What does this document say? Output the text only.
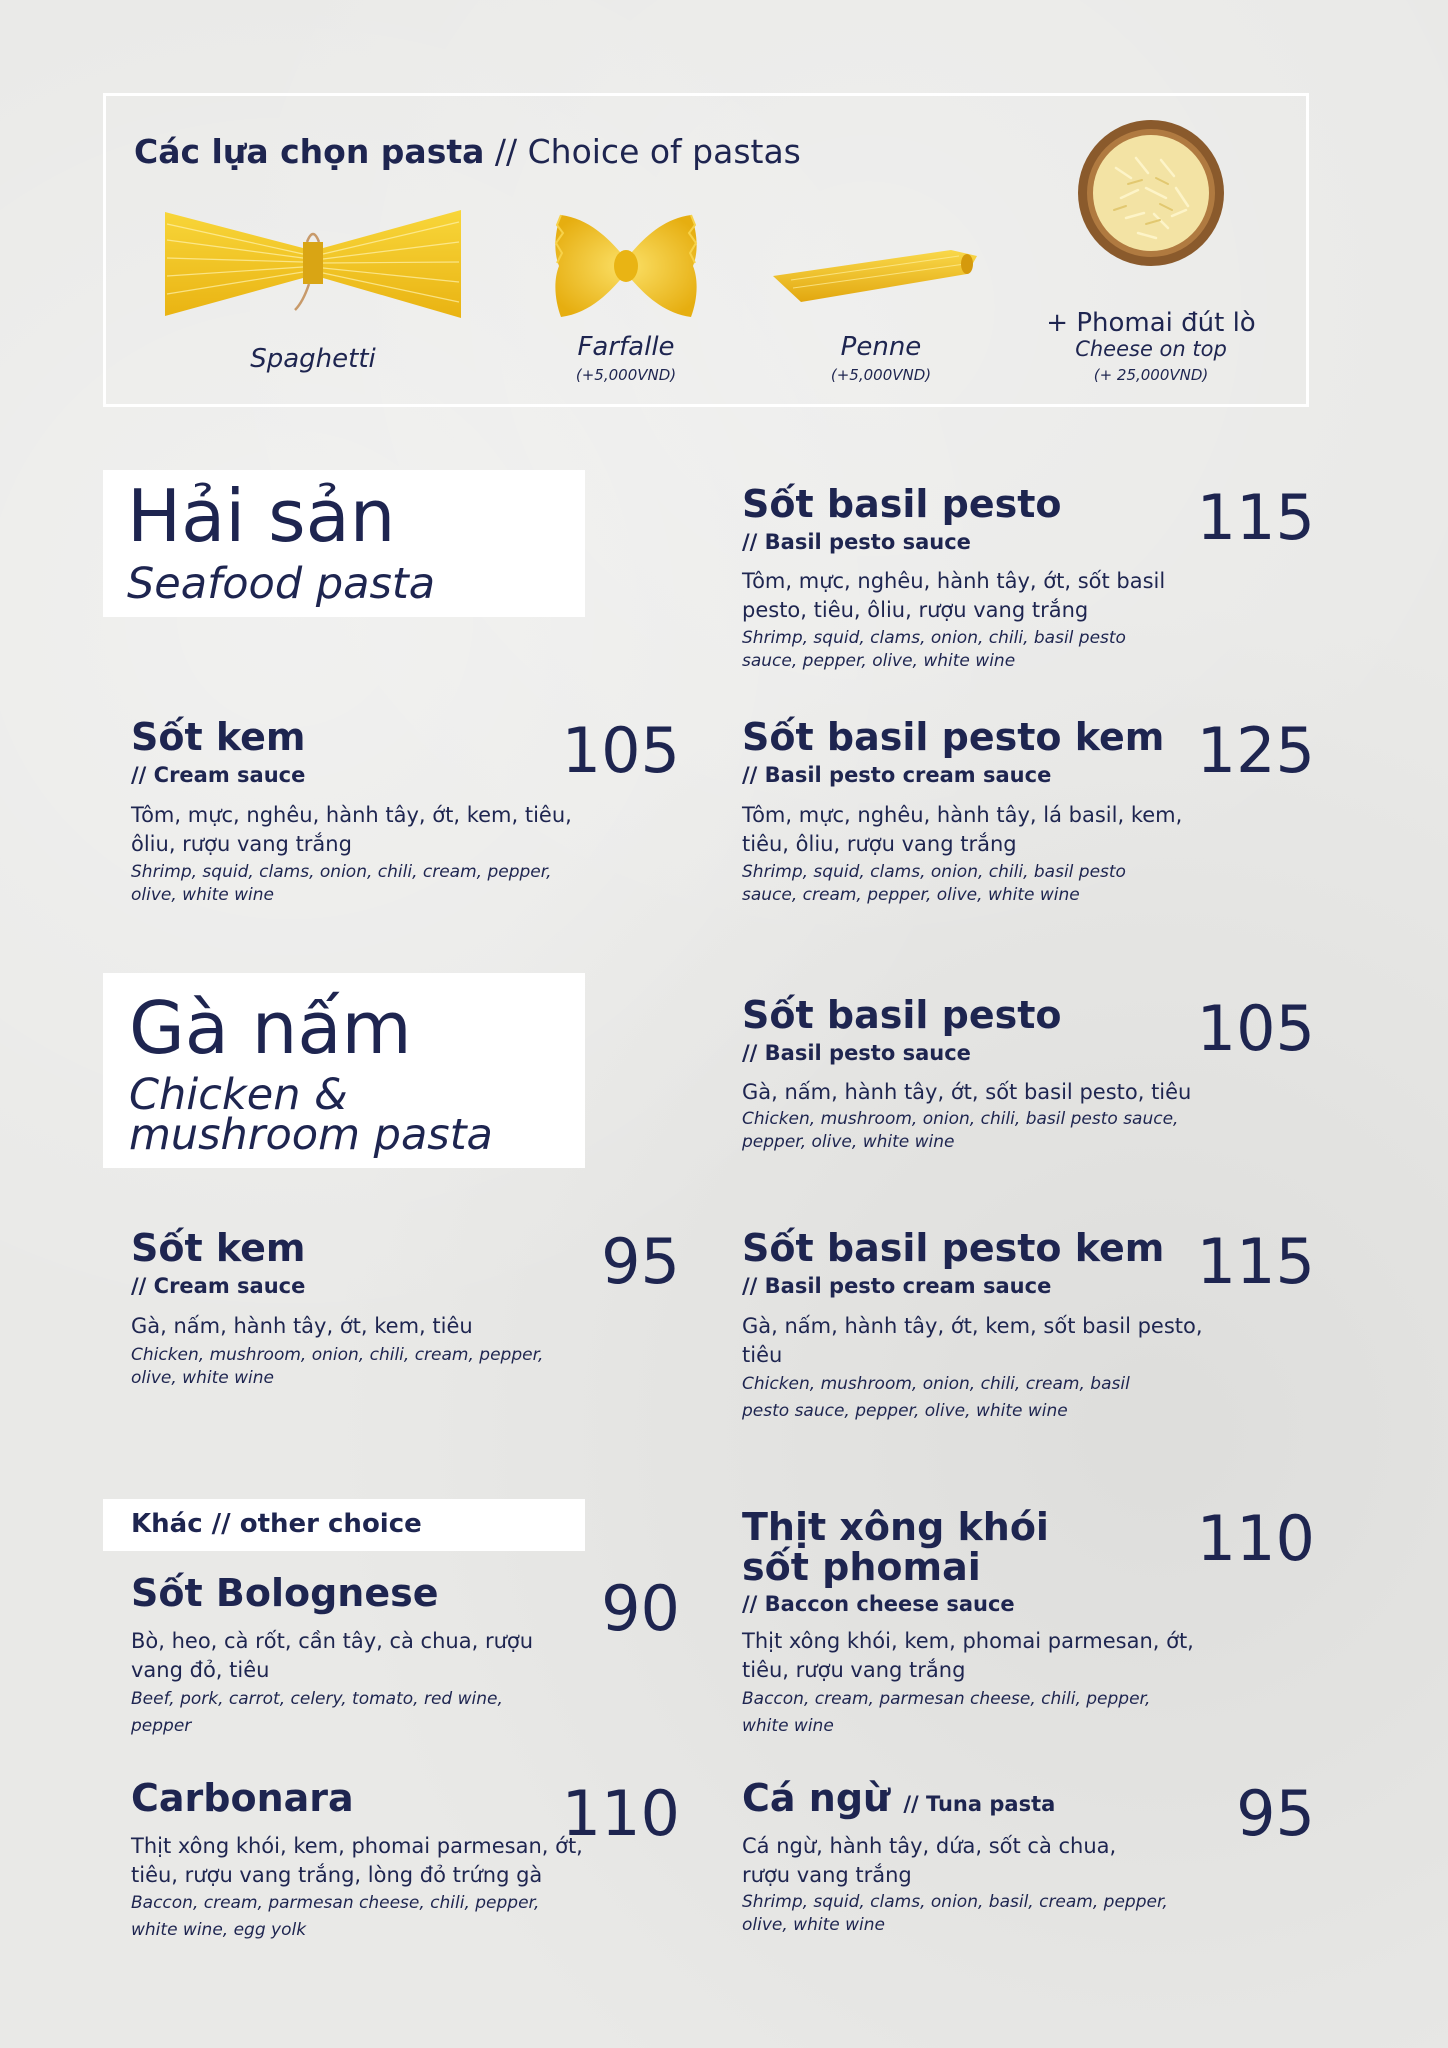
Các lựa chọn pasta // Choice of pastas
Spaghetti	Farfalle
(+5,000VND)
Penne
(+5,000VND)
+ Phomai đút lò
Cheese on top
(+ 25,000VND)
Hải sản
Seafood pasta
Sốt basil pesto
// Basil pesto sauce	115
Tôm, mực, nghêu, hành tây, ớt, sốt basil pesto, tiêu, ôliu, rượu vang trắng
Shrimp, squid, clams, onion, chili, basil pesto sauce, pepper, olive, white wine
Sốt kem
// Cream sauce	105
Tôm, mực, nghêu, hành tây, ớt, kem, tiêu, ôliu, rượu vang trắng
Shrimp, squid, clams, onion, chili, cream, pepper, olive, white wine
Sốt basil pesto kem
// Basil pesto cream sauce	125
Tôm, mực, nghêu, hành tây, lá basil, kem, tiêu, ôliu, rượu vang trắng
Shrimp, squid, clams, onion, chili, basil pesto sauce, cream, pepper, olive, white wine
Gà nấm
Chicken &
mushroom pasta
Sốt basil pesto
// Basil pesto sauce	105
Gà, nấm, hành tây, ớt, sốt basil pesto, tiêu
Chicken, mushroom, onion, chili, basil pesto sauce, pepper, olive, white wine
Sốt kem
// Cream sauce	95
Gà, nấm, hành tây, ớt, kem, tiêu
Chicken, mushroom, onion, chili, cream, pepper, olive, white wine
Sốt basil pesto kem
// Basil pesto cream sauce	115
Gà, nấm, hành tây, ớt, kem, sốt basil pesto, tiêu
Chicken, mushroom, onion, chili, cream, basil pesto sauce, pepper, olive, white wine
Khác // other choice
Sốt Bolognese	90
Bò, heo, cà rốt, cần tây, cà chua, rượu vang đỏ, tiêu
Beef, pork, carrot, celery, tomato, red wine, pepper
Carbonara	110
Thịt xông khói, kem, phomai parmesan, ớt, tiêu, rượu vang trắng, lòng đỏ trứng gà
Baccon, cream, parmesan cheese, chili, pepper, white wine, egg yolk
Thịt xông khói
sốt phomai
// Baccon cheese sauce
110
Thịt xông khói, kem, phomai parmesan, ớt, tiêu, rượu vang trắng
Baccon, cream, parmesan cheese, chili, pepper, white wine
Cá ngừ // Tuna pasta	95
Cá ngừ, hành tây, dứa, sốt cà chua, rượu vang trắng
Shrimp, squid, clams, onion, basil, cream, pepper, olive, white wine
